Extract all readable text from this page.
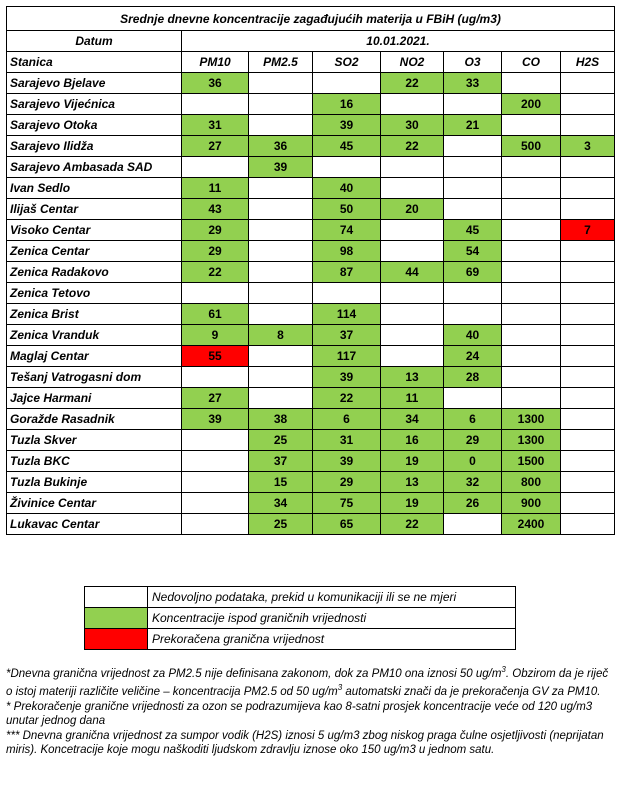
Srednje dnevne koncentracije zagađujućih materija u FBiH (ug/m3)							
Datum	10.01.2021.						
Stanica	PM10	PM2.5	SO2	NO2	O3	CO	H2S
Sarajevo Bjelave	36			22	33		
Sarajevo Vijećnica			16			200	
Sarajevo Otoka	31		39	30	21		
Sarajevo Ilidža	27	36	45	22		500	3
Sarajevo Ambasada SAD		39					
Ivan Sedlo	11		40				
Ilijaš Centar	43		50	20			
Visoko Centar	29		74		45		7
Zenica Centar	29		98		54		
Zenica Radakovo	22		87	44	69		
Zenica Tetovo							
Zenica Brist	61		114				
Zenica Vranduk	9	8	37		40		
Maglaj Centar	55		117		24		
Tešanj Vatrogasni dom			39	13	28		
Jajce Harmani	27		22	11			
Goražde Rasadnik	39	38	6	34	6	1300	
Tuzla Skver		25	31	16	29	1300	
Tuzla BKC		37	39	19	0	1500	
Tuzla Bukinje		15	29	13	32	800	
Živinice Centar		34	75	19	26	900	
Lukavac Centar		25	65	22		2400	
	Nedovoljno podataka, prekid u komunikaciji ili se ne mjeri
	Koncentracije ispod graničnih vrijednosti
	Prekoračena granična vrijednost

*Dnevna granična vrijednost za PM2.5 nije definisana zakonom, dok za PM10 ona iznosi 50 $ug/m^3$. Obzirom da je riječ o istoj materiji različite veličine – koncentracija PM2.5 od 50 $ug/m^3$ automatski znači da je prekoračenja GV za PM10.

* Prekoračenje granične vrijednosti za ozon se podrazumijeva kao 8-satni prosjek koncentracije veće od 120 ug/m3 unutar jednog dana

*** Dnevna granična vrijednost za sumpor vodik (H2S) iznosi 5 ug/m3 zbog niskog praga čulne osjetljivosti (neprijatan miris). Koncetracije koje mogu naškoditi ljudskom zdravlju iznose oko 150 ug/m3 u jednom satu.
